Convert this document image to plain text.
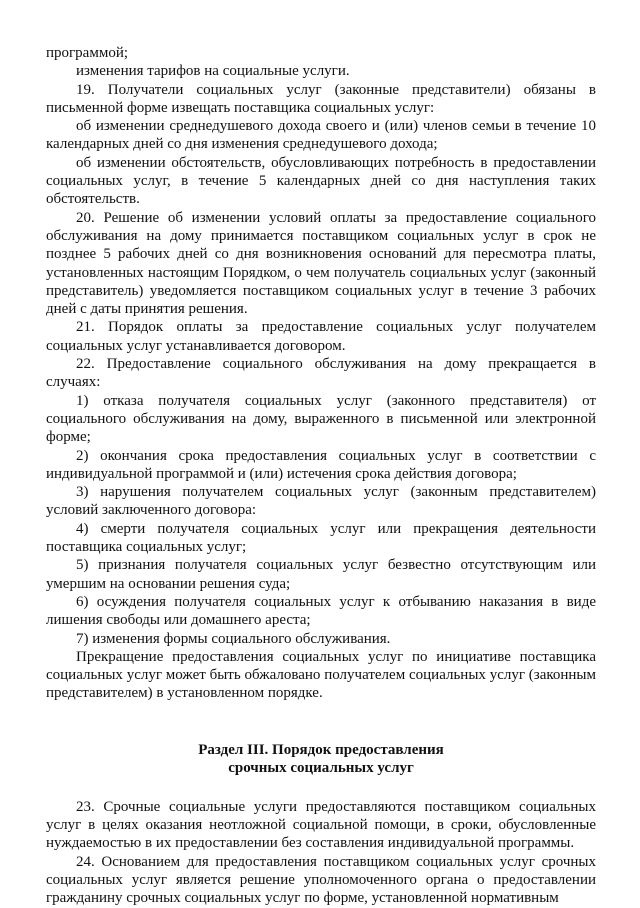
программой;

изменения тарифов на социальные услуги.

19. Получатели социальных услуг (законные представители) обязаны в письменной форме извещать поставщика социальных услуг:

об изменении среднедушевого дохода своего и (или) членов семьи в течение 10 календарных дней со дня изменения среднедушевого дохода;

об изменении обстоятельств, обусловливающих потребность в предоставлении социальных услуг, в течение 5 календарных дней со дня наступления таких обстоятельств.

20. Решение об изменении условий оплаты за предоставление социального обслуживания на дому принимается поставщиком социальных услуг в срок не позднее 5 рабочих дней со дня возникновения оснований для пересмотра платы, установленных настоящим Порядком, о чем получатель социальных услуг (законный представитель) уведомляется поставщиком социальных услуг в течение 3 рабочих дней с даты принятия решения.

21. Порядок оплаты за предоставление социальных услуг получателем социальных услуг устанавливается договором.

22. Предоставление социального обслуживания на дому прекращается в случаях:

1) отказа получателя социальных услуг (законного представителя) от социального обслуживания на дому, выраженного в письменной или электронной форме;

2) окончания срока предоставления социальных услуг в соответствии с индивидуальной программой и (или) истечения срока действия договора;

3) нарушения получателем социальных услуг (законным представителем) условий заключенного договора:

4) смерти получателя социальных услуг или прекращения деятельности поставщика социальных услуг;

5) признания получателя социальных услуг безвестно отсутствующим или умершим на основании решения суда;

6) осуждения получателя социальных услуг к отбыванию наказания в виде лишения свободы или домашнего ареста;

7) изменения формы социального обслуживания.

Прекращение предоставления социальных услуг по инициативе поставщика социальных услуг может быть обжаловано получателем социальных услуг (законным представителем) в установленном порядке.

Раздел III. Порядок предоставления

срочных социальных услуг

23. Срочные социальные услуги предоставляются поставщиком социальных услуг в целях оказания неотложной социальной помощи, в сроки, обусловленные нуждаемостью в их предоставлении без составления индивидуальной программы.

24. Основанием для предоставления поставщиком социальных услуг срочных социальных услуг является решение уполномоченного органа о предоставлении гражданину срочных социальных услуг по форме, установленной нормативным
